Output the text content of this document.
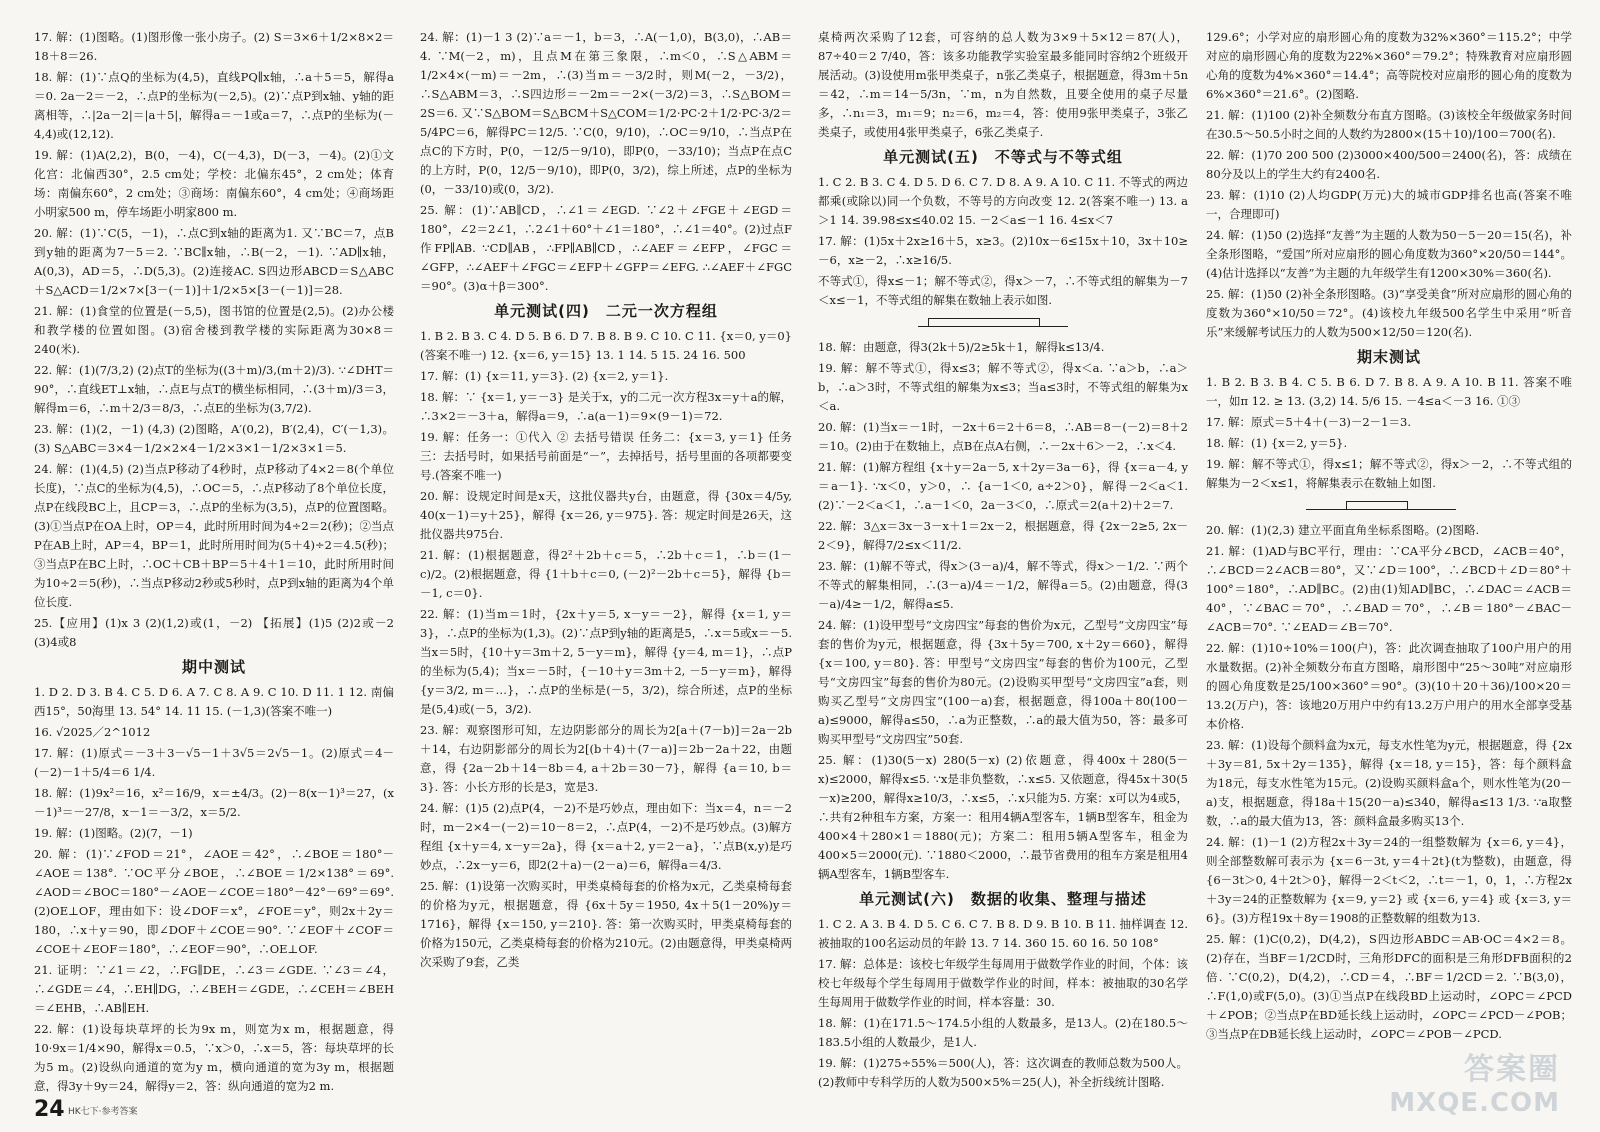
17. 解：(1)图略。(1)图形像一张小房子。(2) S＝3×6＋1/2×8×2＝18＋8＝26.
18. 解：(1)∵点Q的坐标为(4,5)，直线PQ∥x轴，∴a＋5＝5，解得a＝0. 2a－2＝－2，∴点P的坐标为(－2,5)。(2)∵点P到x轴、y轴的距离相等，∴|2a－2|＝|a＋5|，解得a＝－1或a＝7，∴点P的坐标为(－4,4)或(12,12).
19. 解：(1)A(2,2)，B(0，－4)，C(－4,3)，D(－3，－4)。(2)①文化宫：北偏西30°，2.5 cm处；学校：北偏东45°，2 cm处；体育场：南偏东60°，2 cm处；③商场：南偏东60°，4 cm处；④商场距小明家500 m，停车场距小明家800 m.
20. 解：(1)∵C(5，－1)，∴点C到x轴的距离为1. 又∵BC＝7，点B到y轴的距离为7－5＝2. ∵BC∥x轴，∴B(－2，－1). ∵AD∥x轴，A(0,3)，AD＝5，∴D(5,3)。(2)连接AC. S四边形ABCD＝S△ABC＋S△ACD＝1/2×7×[3－(－1)]＋1/2×5×[3－(－1)]＝28.
21. 解：(1)食堂的位置是(－5,5)，图书馆的位置是(2,5)。(2)办公楼和教学楼的位置如图。(3)宿舍楼到教学楼的实际距离为30×8＝240(米).
22. 解：(1)(7/3,2) (2)点T的坐标为((3＋m)/3,(m＋2)/3). ∵∠DHT＝90°，∴直线ET⊥x轴，∴点E与点T的横坐标相同，∴(3＋m)/3＝3，解得m＝6，∴m＋2/3＝8/3，∴点E的坐标为(3,7/2).
23. 解：(1)(2，－1) (4,3) (2)图略，A′(0,2)，B′(2,4)，C′(－1,3)。(3) S△ABC＝3×4－1/2×2×4－1/2×3×1－1/2×3×1＝5.
24. 解：(1)(4,5) (2)当点P移动了4秒时，点P移动了4×2＝8(个单位长度)，∵点C的坐标为(4,5)，∴OC＝5，∴点P移动了8个单位长度，点P在线段BC上，且CP＝3，∴点P的坐标为(3,5)，点P的位置图略。(3)①当点P在OA上时，OP＝4，此时所用时间为4÷2＝2(秒)；②当点P在AB上时，AP＝4，BP＝1，此时所用时间为(5＋4)÷2＝4.5(秒)；③当点P在BC上时，∴OC＋CB＋BP＝5＋4＋1＝10，此时所用时间为10÷2＝5(秒)，∴当点P移动2秒或5秒时，点P到x轴的距离为4个单位长度.
25.【应用】(1)x 3 (2)(1,2)或(1，－2) 【拓展】(1)5 (2)2或－2 (3)4或8
期中测试
1. D 2. D 3. B 4. C 5. D 6. A 7. C 8. A 9. C 10. D 11. 1 12. 南偏西15°，50海里 13. 54° 14. 11 15. (－1,3)(答案不唯一)
16. √2025／2^1012
17. 解：(1)原式＝－3＋3－√5－1＋3√5＝2√5－1。(2)原式＝4－(－2)－1＋5/4＝6 1/4.
18. 解：(1)9x²＝16，x²＝16/9，x＝±4/3。(2)－8(x－1)³＝27，(x－1)³＝－27/8，x－1＝－3/2，x＝5/2.
19. 解：(1)图略。(2)(7，－1)
20. 解：(1)∵∠FOD＝21°，∠AOE＝42°，∴∠BOE＝180°－∠AOE＝138°. ∵OC平分∠BOE，∴∠BOE＝1/2×138°＝69°. ∠AOD＝∠BOC＝180°－∠AOE－∠COE＝180°－42°－69°＝69°. (2)OE⊥OF，理由如下：设∠DOF＝x°，∠FOE＝y°，则2x＋2y＝180，∴x＋y＝90，即∠DOF＋∠COE＝90°. ∵∠EOF＋∠COF＝∠COE＋∠EOF＝180°，∴∠EOF＝90°，∴OE⊥OF.
21. 证明：∵∠1＝∠2，∴FG∥DE，∴∠3＝∠GDE. ∵∠3＝∠4，∴∠GDE＝∠4，∴EH∥DG，∴∠BEH＝∠GDE，∴∠CEH＝∠BEH＝∠EHB，∴AB∥EH.
22. 解：(1)设每块草坪的长为9x m，则宽为x m，根据题意，得10·9x＝1/4×90，解得x＝0.5，∵x＞0，∴x＝5，答：每块草坪的长为5 m。(2)设纵向通道的宽为y m，横向通道的宽为3y m，根据题意，得3y＋9y＝24，解得y＝2，答：纵向通道的宽为2 m.
24. 解：(1)－1 3 (2)∵a＝－1，b＝3，∴A(－1,0)，B(3,0)，∴AB＝4. ∵M(－2，m)，且点M在第三象限，∴m＜0，∴S△ABM＝1/2×4×(－m)＝－2m，∴(3)当m＝－3/2时，则M(－2，－3/2)，∴S△ABM＝3，∴S四边形＝－2m＝－2×(－3/2)＝3，∴S△BOM＝2S＝6. 又∵S△BOM＝S△BCM＋S△COM＝1/2·PC·2＋1/2·PC·3/2＝5/4PC＝6，解得PC＝12/5. ∵C(0，9/10)，∴OC＝9/10，∴当点P在点C的下方时，P(0，－12/5－9/10)，即P(0，－33/10)；当点P在点C的上方时，P(0，12/5－9/10)，即P(0，3/2)，综上所述，点P的坐标为(0，－33/10)或(0，3/2).
25. 解：(1)∵AB∥CD，∴∠1＝∠EGD. ∵∠2＋∠FGE＋∠EGD＝180°，∠2＝2∠1，∴2∠1＋60°＋∠1＝180°，∴∠1＝40°。(2)过点F作FP∥AB. ∵CD∥AB，∴FP∥AB∥CD，∴∠AEF＝∠EFP，∠FGC＝∠GFP，∴∠AEF＋∠FGC＝∠EFP＋∠GFP＝∠EFG. ∴∠AEF＋∠FGC＝90°。(3)α＋β＝300°.
单元测试(四)　二元一次方程组
1. B 2. B 3. C 4. D 5. B 6. D 7. B 8. B 9. C 10. C 11. {x＝0, y＝0}(答案不唯一) 12. {x＝6, y＝15} 13. 1 14. 5 15. 24 16. 500
17. 解：(1) {x＝11, y＝3}. (2) {x＝2, y＝1}.
18. 解：∵ {x＝1, y＝－3} 是关于x，y的二元一次方程3x＝y＋a的解，∴3×2＝－3＋a，解得a＝9，∴a(a－1)＝9×(9－1)＝72.
19. 解：任务一：①代入 ② 去括号错误 任务二：{x＝3, y＝1} 任务三：去括号时，如果括号前面是“－”，去掉括号，括号里面的各项都要变号.(答案不唯一)
20. 解：设规定时间是x天，这批仪器共y台，由题意，得 {30x＝4/5y, 40(x－1)＝y＋25}，解得 {x＝26, y＝975}. 答：规定时间是26天，这批仪器共975台.
21. 解：(1)根据题意，得2²＋2b＋c＝5，∴2b＋c＝1，∴b＝(1－c)/2。(2)根据题意，得 {1＋b＋c＝0, (－2)²－2b＋c＝5}，解得 {b＝－1, c＝0}.
22. 解：(1)当m＝1时，{2x＋y＝5, x－y＝－2}，解得 {x＝1, y＝3}，∴点P的坐标为(1,3)。(2)∵点P到y轴的距离是5，∴x＝5或x＝－5. 当x＝5时，{10＋y＝3m＋2, 5－y＝m}，解得 {y＝4, m＝1}，∴点P的坐标为(5,4)；当x＝－5时，{－10＋y＝3m＋2, －5－y＝m}，解得 {y＝3/2, m＝…}，∴点P的坐标是(－5，3/2)，综合所述，点P的坐标是(5,4)或(－5，3/2).
23. 解：观察图形可知，左边阴影部分的周长为2[a＋(7－b)]＝2a－2b＋14，右边阴影部分的周长为2[(b＋4)＋(7－a)]＝2b－2a＋22，由题意，得 {2a－2b＋14－8b＝4, a＋2b＝30－7}，解得 {a＝10, b＝3}. 答：小长方形的长是3，宽是3.
24. 解：(1)5 (2)点P(4，－2)不是巧妙点，理由如下：当x＝4，n＝－2时，m－2×4－(－2)＝10－8＝2，∴点P(4，－2)不是巧妙点。(3)解方程组 {x＋y＝4, x－y＝2a}，得 {x＝a＋2, y＝2－a}，∵点B(x,y)是巧妙点，∴2x－y＝6，即2(2＋a)－(2－a)＝6，解得a＝4/3.
25. 解：(1)设第一次购买时，甲类桌椅每套的价格为x元，乙类桌椅每套的价格为y元，根据题意，得 {6x＋5y＝1950, 4x＋5(1－20%)y＝1716}，解得 {x＝150, y＝210}. 答：第一次购买时，甲类桌椅每套的价格为150元，乙类桌椅每套的价格为210元。(2)由题意得，甲类桌椅两次采购了9套，乙类
桌椅两次采购了12套，可容纳的总人数为3×9＋5×12＝87(人)，87÷40＝2 7/40，答：该多功能教学实验室最多能同时容纳2个班级开展活动。(3)设使用m张甲类桌子，n张乙类桌子，根据题意，得3m＋5n＝42，∴m＝14－5/3n，∵m，n为自然数，且要全使用的桌子尽量多，∴n₁＝3，m₁＝9；n₂＝6，m₂＝4，答：使用9张甲类桌子，3张乙类桌子，或使用4张甲类桌子，6张乙类桌子.
单元测试(五)　不等式与不等式组
1. C 2. B 3. C 4. D 5. D 6. C 7. D 8. A 9. A 10. C 11. 不等式的两边都乘(或除以)同一个负数，不等号的方向改变 12. 2(答案不唯一) 13. a＞1 14. 39.98≤x≤40.02 15. －2＜a≤－1 16. 4≤x＜7
17. 解：(1)5x＋2x≥16＋5，x≥3。(2)10x－6≤15x＋10，3x＋10≥－6，x≥－2，∴x≥16/5.
不等式①，得x≤－1；解不等式②，得x＞－7，∴不等式组的解集为－7＜x≤－1，不等式组的解集在数轴上表示如图.
18. 解：由题意，得3(2k＋5)/2≥5k＋1，解得k≤13/4.
19. 解：解不等式①，得x≤3；解不等式②，得x＜a. ∵a＞b，∴a＞b，∴a＞3时，不等式组的解集为x≤3；当a≤3时，不等式组的解集为x＜a.
20. 解：(1)当x＝－1时，－2x＋6＝2＋6＝8，∴AB＝8－(－2)＝8＋2＝10。(2)由于在数轴上，点B在点A右侧，∴－2x＋6＞－2，∴x＜4.
21. 解：(1)解方程组 {x＋y＝2a－5, x＋2y＝3a－6}，得 {x＝a－4, y＝a－1}. ∵x＜0，y＞0，∴ {a－1＜0, a÷2＞0}，解得－2＜a＜1. (2)∵－2＜a＜1，∴a－1＜0，2a－3＜0，∴原式＝2(a＋2)＋2＝7.
22. 解：3△x＝3x－3－x＋1＝2x－2，根据题意，得 {2x－2≥5, 2x－2＜9}，解得7/2≤x＜11/2.
23. 解：(1)解不等式，得x＞(3－a)/4，解不等式，得x＞－1/2. ∵两个不等式的解集相同，∴(3－a)/4＝－1/2，解得a＝5。(2)由题意，得(3－a)/4≥－1/2，解得a≤5.
24. 解：(1)设甲型号“文房四宝”每套的售价为x元，乙型号“文房四宝”每套的售价为y元，根据题意，得 {3x＋5y＝700, x＋2y＝660}，解得 {x＝100, y＝80}. 答：甲型号“文房四宝”每套的售价为100元，乙型号“文房四宝”每套的售价为80元。(2)设购买甲型号“文房四宝”a套，则购买乙型号“文房四宝”(100－a)套，根据题意，得100a＋80(100－a)≤9000，解得a≤50，∴a为正整数，∴a的最大值为50，答：最多可购买甲型号“文房四宝”50套.
25. 解：(1)30(5－x) 280(5－x) (2)依题意，得400x＋280(5－x)≤2000，解得x≤5. ∵x是非负整数，∴x≤5. 又依题意，得45x＋30(5－x)≥200，解得x≥10/3，∴x≤5，∴x只能为5. 方案：x可以为4或5，∴共有2种租车方案，方案一：租用4辆A型客车，1辆B型客车，租金为400×4＋280×1＝1880(元)；方案二：租用5辆A型客车，租金为400×5＝2000(元). ∵1880＜2000，∴最节省费用的租车方案是租用4辆A型客车，1辆B型客车.
单元测试(六)　数据的收集、整理与描述
1. C 2. A 3. B 4. D 5. C 6. C 7. B 8. D 9. B 10. B 11. 抽样调查 12. 被抽取的100名运动员的年龄 13. 7 14. 360 15. 60 16. 50 108°
17. 解：总体是：该校七年级学生每周用于做数学作业的时间，个体：该校七年级每个学生每周用于做数学作业的时间，样本：被抽取的30名学生每周用于做数学作业的时间，样本容量：30.
18. 解：(1)在171.5～174.5小组的人数最多，是13人。(2)在180.5～183.5小组的人数最少，是1人.
19. 解：(1)275÷55%＝500(人)，答：这次调查的教师总数为500人。(2)教师中专科学历的人数为500×5%＝25(人)，补全折线统计图略.
129.6°；小学对应的扇形圆心角的度数为32%×360°＝115.2°；中学对应的扇形圆心角的度数为22%×360°＝79.2°；特殊教育对应扇形圆心角的度数为4%×360°＝14.4°；高等院校对应扇形的圆心角的度数为6%×360°＝21.6°。(2)图略.
21. 解：(1)100 (2)补全频数分布直方图略。(3)该校全年级做家务时间在30.5～50.5小时之间的人数约为2800×(15＋10)/100＝700(名).
22. 解：(1)70 200 500 (2)3000×400/500＝2400(名)，答：成绩在80分及以上的学生大约有2400名.
23. 解：(1)10 (2)人均GDP(万元)大的城市GDP排名也高(答案不唯一，合理即可)
24. 解：(1)50 (2)选择“友善”为主题的人数为50－5－20＝15(名)，补全条形图略，“爱国”所对应扇形的圆心角度数为360°×20/50＝144°。(4)估计选择以“友善”为主题的九年级学生有1200×30%＝360(名).
25. 解：(1)50 (2)补全条形图略。(3)“享受美食”所对应扇形的圆心角的度数为360°×10/50＝72°。(4)该校九年级500名学生中采用“听音乐”来缓解考试压力的人数为500×12/50＝120(名).
期末测试
1. B 2. B 3. B 4. C 5. B 6. D 7. B 8. A 9. A 10. B 11. 答案不唯一，如π 12. ≥ 13. (3,2) 14. 5/6 15. －4≤a＜－3 16. ①③
17. 解：原式＝5＋4＋(－3)－2－1＝3.
18. 解：(1) {x＝2, y＝5}.
19. 解：解不等式①，得x≤1；解不等式②，得x＞－2，∴不等式组的解集为－2＜x≤1，将解集表示在数轴上如图.
20. 解：(1)(2,3) 建立平面直角坐标系图略。(2)图略.
21. 解：(1)AD与BC平行，理由：∵CA平分∠BCD，∠ACB＝40°，∴∠BCD＝2∠ACB＝80°，又∵∠D＝100°，∴∠BCD＋∠D＝80°＋100°＝180°，∴AD∥BC。(2)由(1)知AD∥BC，∴∠DAC＝∠ACB＝40°，∵∠BAC＝70°，∴∠BAD＝70°，∴∠B＝180°－∠BAC－∠ACB＝70°. ∵∠EAD＝∠B＝70°.
22. 解：(1)10÷10%＝100(户)，答：此次调查抽取了100户用户的用水量数据。(2)补全频数分布直方图略，扇形图中“25～30吨”对应扇形的圆心角度数是25/100×360°＝90°。(3)(10＋20＋36)/100×20＝13.2(万户)，答：该地20万用户中约有13.2万户用户的用水全部享受基本价格.
23. 解：(1)设每个颜料盒为x元，每支水性笔为y元，根据题意，得 {2x＋3y＝81, 5x＋2y＝135}，解得 {x＝18, y＝15}，答：每个颜料盒为18元，每支水性笔为15元。(2)设购买颜料盒a个，则水性笔为(20－a)支，根据题意，得18a＋15(20－a)≤340，解得a≤13 1/3. ∵a取整数，∴a的最大值为13，答：颜料盒最多购买13个.
24. 解：(1)－1 (2)方程2x＋3y＝24的一组整数解为 {x＝6, y＝4}，则全部整数解可表示为 {x＝6－3t, y＝4＋2t}(t为整数)，由题意，得 {6－3t＞0, 4＋2t＞0}，解得－2＜t＜2，∴t＝－1，0，1，∴方程2x＋3y＝24的正整数解为 {x＝9, y＝2} 或 {x＝6, y＝4} 或 {x＝3, y＝6}。(3)方程19x＋8y＝1908的正整数解的组数为13.
25. 解：(1)C(0,2)，D(4,2)，S四边形ABDC＝AB·OC＝4×2＝8。(2)存在，当BF＝1/2CD时，三角形DFC的面积是三角形DFB面积的2倍. ∵C(0,2)，D(4,2)，∴CD＝4，∴BF＝1/2CD＝2. ∵B(3,0)，∴F(1,0)或F(5,0)。(3)①当点P在线段BD上运动时，∠OPC＝∠PCD＋∠POB；②当点P在BD延长线上运动时，∠OPC＝∠PCD－∠POB；③当点P在DB延长线上运动时，∠OPC＝∠POB－∠PCD.
24 HK七下·参考答案
答案圈
MXQE.COM
